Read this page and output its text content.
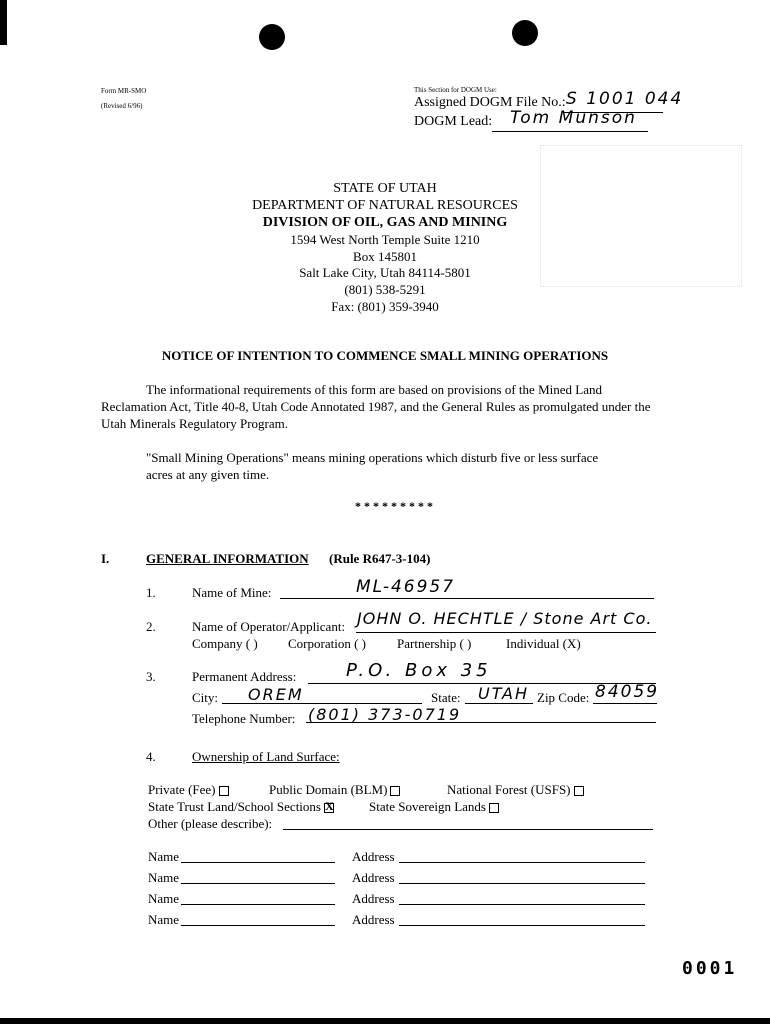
Form MR-SMO
(Revised 6/96)
This Section for DOGM Use:
Assigned DOGM File No.: S 1001 044
DOGM Lead: Tom Munson
STATE OF UTAH
DEPARTMENT OF NATURAL RESOURCES
DIVISION OF OIL, GAS AND MINING
1594 West North Temple Suite 1210
Box 145801
Salt Lake City, Utah 84114-5801
(801) 538-5291
Fax: (801) 359-3940
NOTICE OF INTENTION TO COMMENCE SMALL MINING OPERATIONS
The informational requirements of this form are based on provisions of the Mined Land
Reclamation Act, Title 40-8, Utah Code Annotated 1987, and the General Rules as promulgated under the
Utah Minerals Regulatory Program.
"Small Mining Operations" means mining operations which disturb five or less surface
acres at any given time.
* * * * * * * * *
I.	GENERAL INFORMATION (Rule R647-3-104)
1.	Name of Mine:	ML-46957
2.	Name of Operator/Applicant: JOHN O. HECHTLE / Stone Art Co.
Company ( ) Corporation ( ) Partnership ( )	Individual (X)
3.	Permanent Address:	P.O. Box 35
City: OREM	State: UTAH Zip Code: 84059
Telephone Number: (801) 373-0719
4.	Ownership of Land Surface:
Private (Fee)	Public Domain (BLM)	National Forest (USFS)
State Trust Land/School Sections X	State Sovereign Lands
Other (please describe):
Name	Address
Name	Address
Name	Address
Name	Address
0001
